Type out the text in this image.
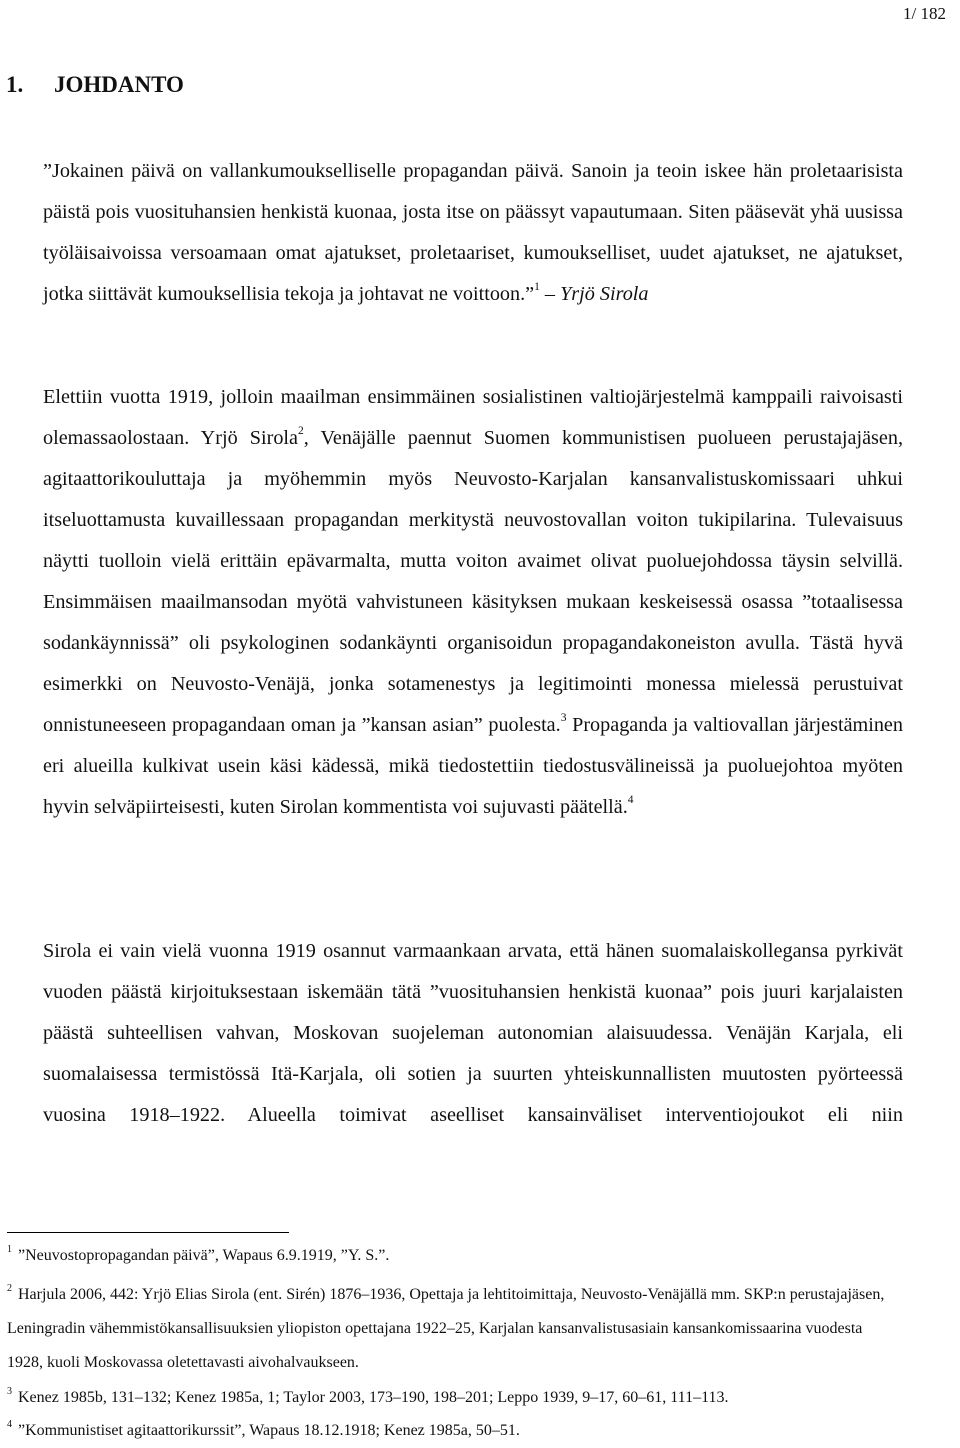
1/ 182
1. JOHDANTO

”Jokainen päivä on vallankumoukselliselle propagandan päivä. Sanoin ja teoin iskee hän proletaarisista päistä pois vuosituhansien henkistä kuonaa, josta itse on päässyt vapautumaan. Siten pääsevät yhä uusissa työläisaivoissa versoamaan omat ajatukset, proletaariset, kumoukselliset, uudet ajatukset, ne ajatukset, jotka siittävät kumouksellisia tekoja ja johtavat ne voittoon.”$^1$ – Yrjö Sirola

Elettiin vuotta 1919, jolloin maailman ensimmäinen sosialistinen valtiojärjestelmä kamppaili raivoisasti olemassaolostaan. Yrjö Sirola$^2$, Venäjälle paennut Suomen kommunistisen puolueen perustajajäsen, agitaattorikouluttaja ja myöhemmin myös Neuvosto-Karjalan kansanvalistuskomissaari uhkui itseluottamusta kuvaillessaan propagandan merkitystä neuvostovallan voiton tukipilarina. Tulevaisuus näytti tuolloin vielä erittäin epävarmalta, mutta voiton avaimet olivat puoluejohdossa täysin selvillä. Ensimmäisen maailmansodan myötä vahvistuneen käsityksen mukaan keskeisessä osassa ”totaalisessa sodankäynnissä” oli psykologinen sodankäynti organisoidun propagandakoneiston avulla. Tästä hyvä esimerkki on Neuvosto-Venäjä, jonka sotamenestys ja legitimointi monessa mielessä perustuivat onnistuneeseen propagandaan oman ja ”kansan asian” puolesta.$^3$ Propaganda ja valtiovallan järjestäminen eri alueilla kulkivat usein käsi kädessä, mikä tiedostettiin tiedostusvälineissä ja puoluejohtoa myöten hyvin selväpiirteisesti, kuten Sirolan kommentista voi sujuvasti päätellä.$^4$

Sirola ei vain vielä vuonna 1919 osannut varmaankaan arvata, että hänen suomalaiskollegansa pyrkivät vuoden päästä kirjoituksestaan iskemään tätä ”vuosituhansien henkistä kuonaa” pois juuri karjalaisten päästä suhteellisen vahvan, Moskovan suojeleman autonomian alaisuudessa. Venäjän Karjala, eli suomalaisessa termistössä Itä-Karjala, oli sotien ja suurten yhteiskunnallisten muutosten pyörteessä vuosina 1918–1922. Alueella toimivat aseelliset kansainväliset interventiojoukot eli niin

$^1$ ”Neuvostopropagandan päivä”, Wapaus 6.9.1919, ”Y. S.”.

$^2$ Harjula 2006, 442: Yrjö Elias Sirola (ent. Sirén) 1876–1936, Opettaja ja lehtitoimittaja, Neuvosto-Venäjällä mm. SKP:n perustajajäsen, Leningradin vähemmistökansallisuuksien yliopiston opettajana 1922–25, Karjalan kansanvalistusasiain kansankomissaarina vuodesta 1928, kuoli Moskovassa oletettavasti aivohalvaukseen.

$^3$ Kenez 1985b, 131–132; Kenez 1985a, 1; Taylor 2003, 173–190, 198–201; Leppo 1939, 9–17, 60–61, 111–113.

$^4$ ”Kommunistiset agitaattorikurssit”, Wapaus 18.12.1918; Kenez 1985a, 50–51.
